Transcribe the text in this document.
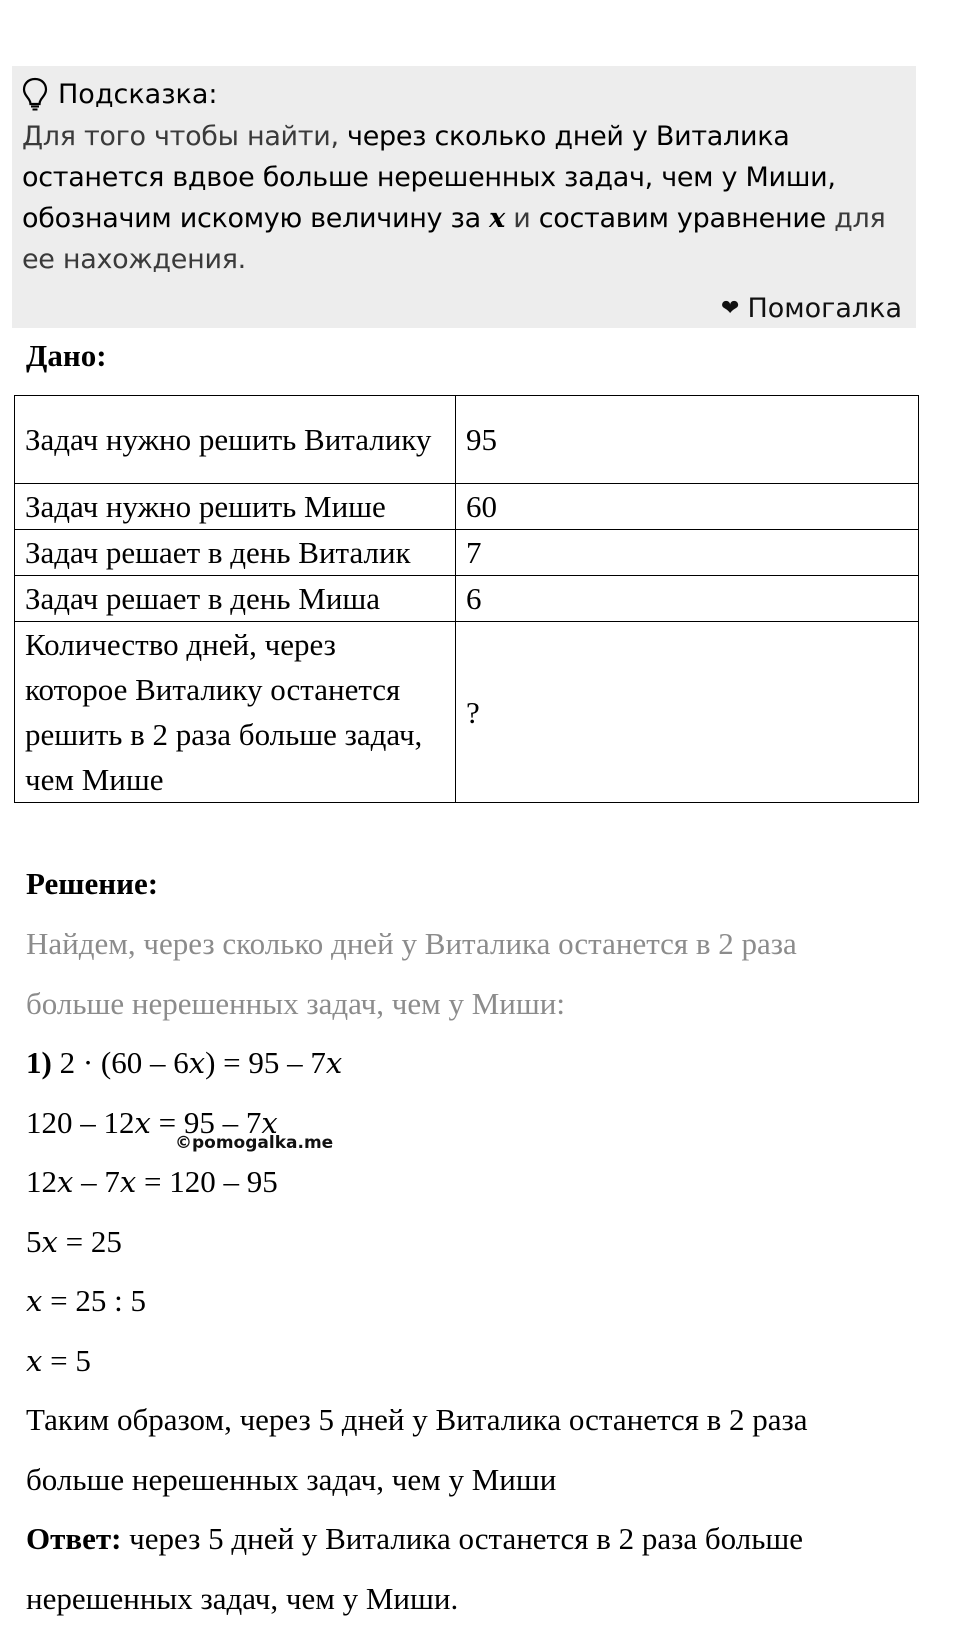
Подсказка:
Для того чтобы найти, через сколько дней у Виталика останется вдвое больше нерешенных задач, чем у Миши, обозначим искомую величину за x и составим уравнение для ее нахождения.
❤ Помогалка
Дано:
Задач нужно решить Виталику	95
Задач нужно решить Мише	60
Задач решает в день Виталик	7
Задач решает в день Миша	6
Количество дней, через которое Виталику останется решить в 2 раза больше задач, чем Мише	?
Решение:
Найдем, через сколько дней у Виталика останется в 2 раза
больше нерешенных задач, чем у Миши:
1) 2 · (60 – 6x) = 95 – 7x
120 – 12x = 95 – 7x
12x – 7x = 120 – 95
5x = 25
x = 25 : 5
x = 5
Таким образом, через 5 дней у Виталика останется в 2 раза
больше нерешенных задач, чем у Миши
Ответ: через 5 дней у Виталика останется в 2 раза больше
нерешенных задач, чем у Миши.
©pomogalka.me
